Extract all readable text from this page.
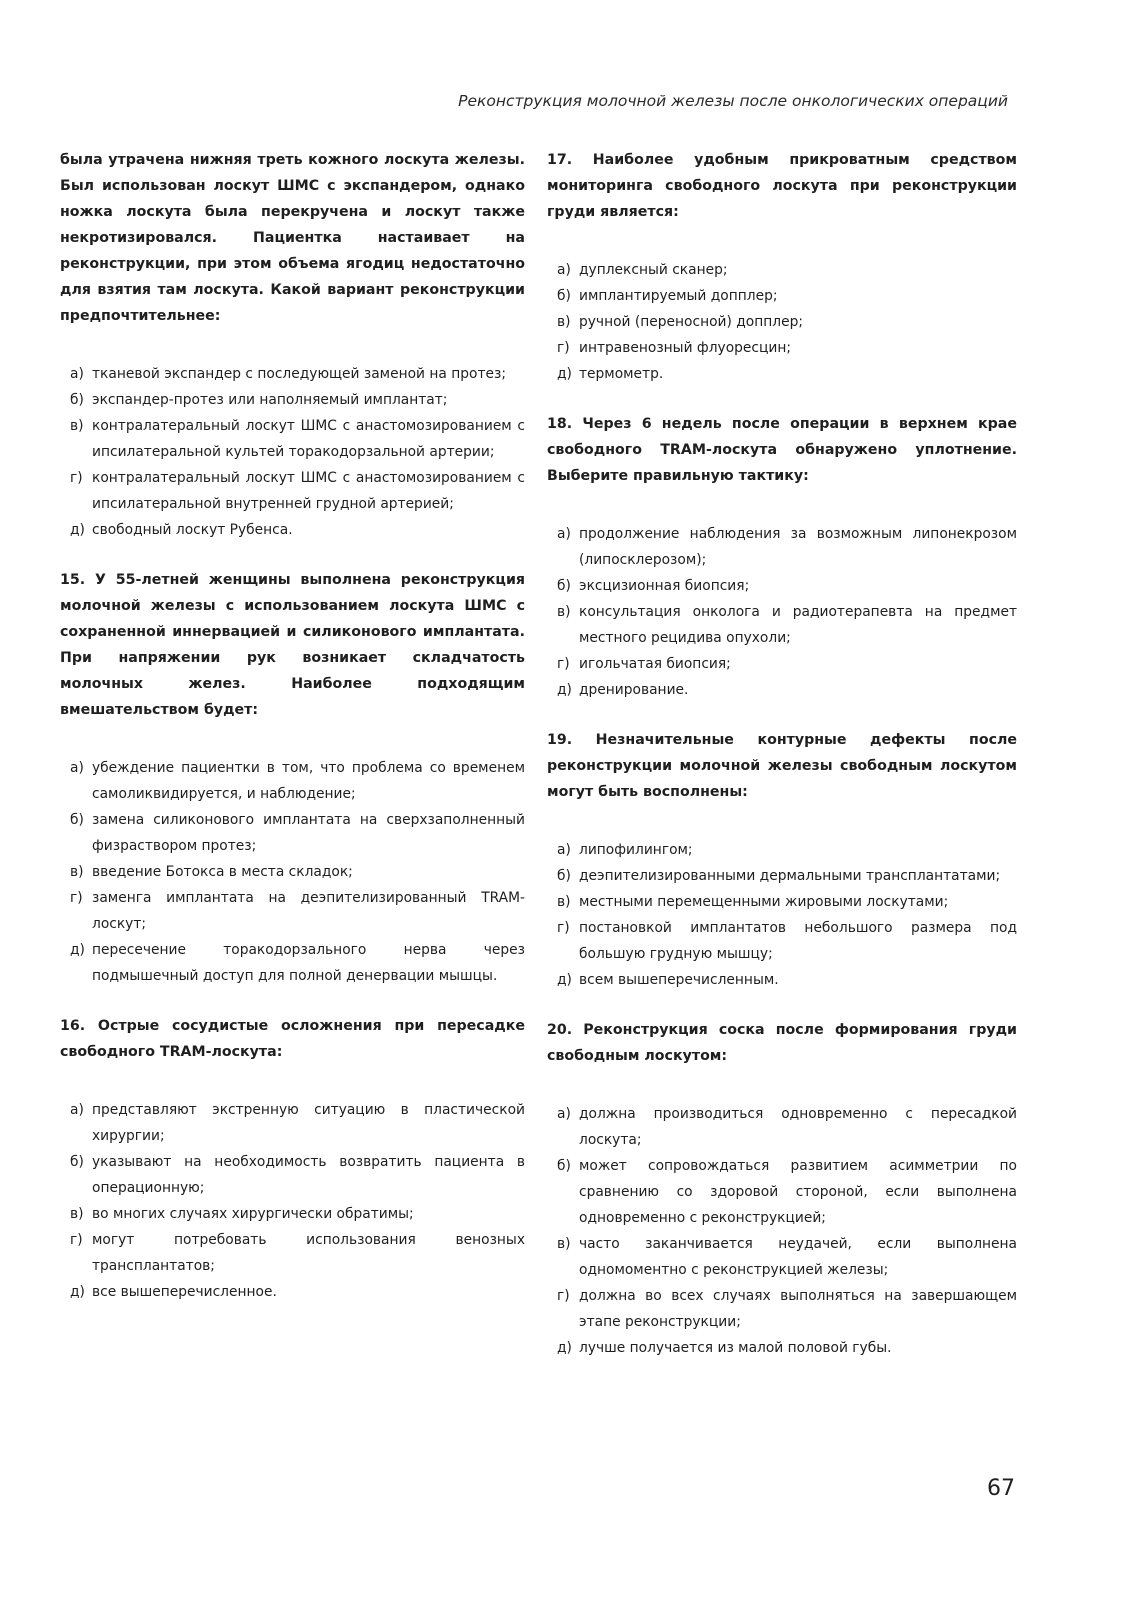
Реконструкция молочной железы после онкологических операций

была утрачена нижняя треть кожного лоскута железы. Был использован лоскут ШМС с экспандером, однако ножка лоскута была перекручена и лоскут также некротизировался. Пациентка настаивает на реконструкции, при этом объема ягодиц недостаточно для взятия там лоскута. Какой вариант реконструкции предпочтительнее:

а) тканевой экспандер с последующей заменой на протез;
б) экспандер-протез или наполняемый имплантат;
в) контралатеральный лоскут ШМС с анастомозированием с ипсилатеральной культей торакодорзальной артерии;
г) контралатеральный лоскут ШМС с анастомозированием с ипсилатеральной внутренней грудной артерией;
д) свободный лоскут Рубенса.

15. У 55-летней женщины выполнена реконструкция молочной железы с использованием лоскута ШМС с сохраненной иннервацией и силиконового имплантата. При напряжении рук возникает складчатость молочных желез. Наиболее подходящим вмешательством будет:

а) убеждение пациентки в том, что проблема со временем самоликвидируется, и наблюдение;
б) замена силиконового имплантата на сверхзаполненный физраствором протез;
в) введение Ботокса в места складок;
г) заменга имплантата на деэпителизированный TRAM-лоскут;
д) пересечение торакодорзального нерва через подмышечный доступ для полной денервации мышцы.

16. Острые сосудистые осложнения при пересадке свободного TRAM-лоскута:

а) представляют экстренную ситуацию в пластической хирургии;
б) указывают на необходимость возвратить пациента в операционную;
в) во многих случаях хирургически обратимы;
г) могут потребовать использования венозных трансплантатов;
д) все вышеперечисленное.

17. Наиболее удобным прикроватным средством мониторинга свободного лоскута при реконструкции груди является:

а) дуплексный сканер;
б) имплантируемый допплер;
в) ручной (переносной) допплер;
г) интравенозный флуоресцин;
д) термометр.

18. Через 6 недель после операции в верхнем крае свободного TRAM-лоскута обнаружено уплотнение. Выберите правильную тактику:

а) продолжение наблюдения за возможным липонекрозом (липосклерозом);
б) эксцизионная биопсия;
в) консультация онколога и радиотерапевта на предмет местного рецидива опухоли;
г) игольчатая биопсия;
д) дренирование.

19. Незначительные контурные дефекты после реконструкции молочной железы свободным лоскутом могут быть восполнены:

а) липофилингом;
б) деэпителизированными дермальными трансплантатами;
в) местными перемещенными жировыми лоскутами;
г) постановкой имплантатов небольшого размера под большую грудную мышцу;
д) всем вышеперечисленным.

20. Реконструкция соска после формирования груди свободным лоскутом:

а) должна производиться одновременно с пересадкой лоскута;
б) может сопровождаться развитием асимметрии по сравнению со здоровой стороной, если выполнена одновременно с реконструкцией;
в) часто заканчивается неудачей, если выполнена одномоментно с реконструкцией железы;
г) должна во всех случаях выполняться на завершающем этапе реконструкции;
д) лучше получается из малой половой губы.
67
